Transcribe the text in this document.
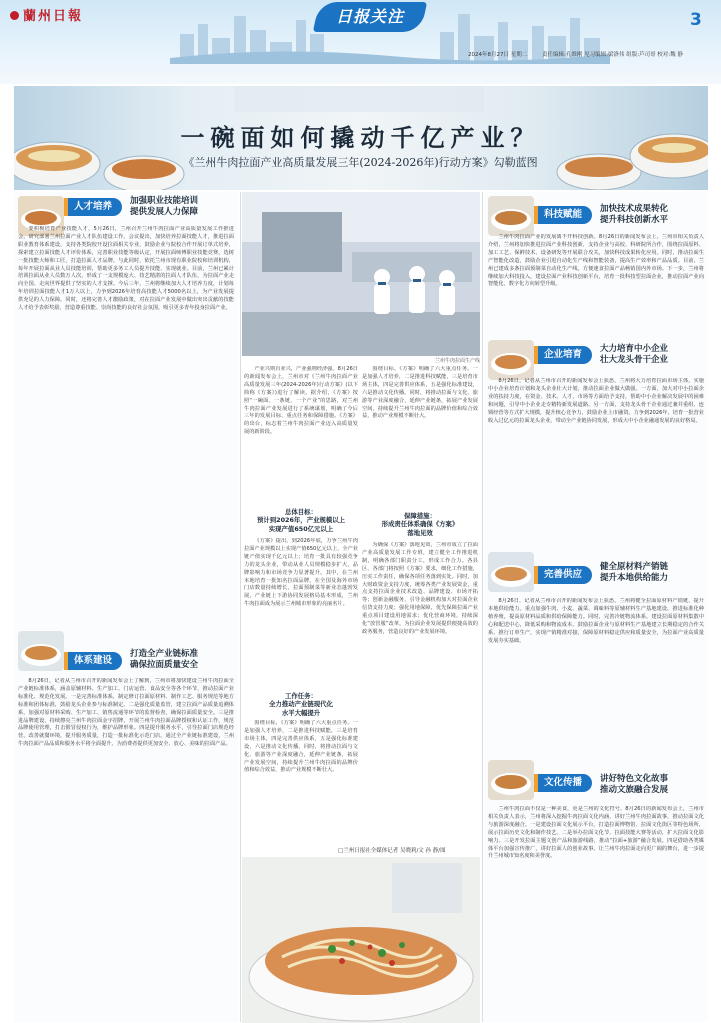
蘭州日報	日报关注	3
2024年8月27日 星期二	责任编辑:孔维刚 见习编辑:梁洛伟 组版:芦司哥 校对:魏 静
一碗面如何撬动千亿产业？
《兰州牛肉拉面产业高质量发展三年(2024-2026年)行动方案》勾勒蓝图
人才培养	加强职业技能培训
提供发展人力保障

要积极培育产业技能人才，5月26日，兰州召开兰州牛肉拉面产业高质量发展工作推进会，研究部署兰州拉面产业人才队伍建设工作。会议提出，加快培养拉面技能人才，推进拉面职业教育体系建设，支持各类院校开设拉面相关专业，鼓励企业与院校合作开展订单式培养，探索建立拉面技能人才评价体系，完善职业技能等级认定，开展拉面师傅职业技能竞赛，选树一批技能大师和工匠，打造拉面人才品牌。与此同时，依托兰州市现有职业院校和培训机构，每年开展拉面从业人员技能培训，帮助更多务工人员提升技能、实现就业。目前，兰州已累计培训拉面从业人员数万人次，形成了一支规模庞大、技艺精湛的拉面人才队伍，为拉面产业走向全国、走向世界提供了坚实的人才支撑。今后三年，兰州将继续加大人才培养力度，计划每年培训拉面技能人才1万人以上，力争到2026年培育高技能人才5000名以上，为产业发展提供充足的人力保障。同时，还将完善人才激励政策，对在拉面产业发展中做出突出贡献的技能人才给予表彰奖励，营造尊重技能、崇尚技能的良好社会氛围，吸引更多青年投身拉面产业。

体系建设
打造全产业链标准
确保拉面质量安全

8月26日，记者从兰州市召开的新闻发布会上了解到，兰州市将加快建设兰州牛肉拉面全产业链标准体系，涵盖原辅材料、生产加工、门店运营、食品安全等各个环节，推动拉面产业标准化、规范化发展。一是完善标准体系，制定修订拉面原材料、制作工艺、服务规范等地方标准和团体标准，鼓励龙头企业参与标准制定。二是强化质量监管，建立拉面产品质量追溯体系，加强对原材料采购、生产加工、销售流通等环节的监督检查，确保拉面质量安全。三是推进品牌建设，持续擦亮兰州牛肉拉面金字招牌，开展兰州牛肉拉面品牌授权和认证工作，规范品牌使用管理，打击假冒侵权行为，维护品牌形象。四是提升服务水平，引导拉面门店规范经营，改善就餐环境，提升服务质量，打造一批标准化示范门店。通过全产业链标准建设，兰州牛肉拉面产品品质和服务水平将全面提升，为消费者提供更加安全、放心、美味的拉面产品。

兰州牛肉拉面生产线

产业兴则百业兴，产业强则经济强。8月26日的新闻发布会上，兰州市对《兰州牛肉拉面产业高质量发展三年(2024-2026年)行动方案》(以下简称《方案》)进行了解读。据介绍，《方案》按照“一碗面、一条链、一个产业”的思路，对兰州牛肉拉面产业发展进行了系统谋划，明确了今后三年的发展目标、重点任务和保障措施。《方案》的出台，标志着兰州牛肉拉面产业迈入高质量发展的新阶段。

总体目标：
预计到2026年，产业规模以上
实现产值650亿元以上

《方案》提出，到2026年底，力争兰州牛肉拉面产业规模以上实现产值650亿元以上，全产业链产值实现千亿元以上；培育一批具有较强竞争力的龙头企业，带动从业人员规模稳步扩大，品牌影响力和市场竞争力显著提升。其中，在兰州本地培育一批知名拉面品牌，在全国及海外市场门店数量持续增长，拉面预制菜等新业态蓬勃发展，产业链上下游协同发展格局基本形成，兰州牛肉拉面成为展示兰州城市形象的亮丽名片。

工作任务：
全力推动产业链现代化
水平大幅提升

围绕目标，《方案》明确了六大重点任务。一是加强人才培养，二是推进科技赋能，三是培育市场主体，四是完善供应体系，五是强化标准建设，六是推动文化传播。同时，将推动拉面与文化、旅游等产业深度融合，延伸产业链条，拓展产业发展空间，持续提升兰州牛肉拉面的品牌价值和综合效益，推动产业规模不断壮大。

保障措施：
形成责任体系确保《方案》
落地见效

围绕目标，《方案》明确了六大重点任务。一是加强人才培养，二是推进科技赋能，三是培育市场主体，四是完善供应体系，五是强化标准建设，六是推动文化传播。同时，将推动拉面与文化、旅游等产业深度融合，延伸产业链条，拓展产业发展空间，持续提升兰州牛肉拉面的品牌价值和综合效益，推动产业规模不断壮大。

为确保《方案》落地见效，兰州市成立了拉面产业高质量发展工作专班，建立健全工作推进机制，明确各部门职责分工，形成工作合力。各县区、各部门将按照《方案》要求，细化工作措施，压实工作责任，确保各项任务落到实处。同时，加大财政资金支持力度，统筹各类产业发展资金，重点支持拉面企业技术改造、品牌建设、市场开拓等；创新金融服务，引导金融机构加大对拉面企业信贷支持力度；强化用地保障，优先保障拉面产业重点项目建设用地需求；优化营商环境，持续深化“放管服”改革，为拉面企业发展提供便捷高效的政务服务，营造良好的产业发展环境。

□兰州日报社全媒体记者 吴晓莉/文 孙 静/图
科技赋能	加快技术成果转化
提升科技创新水平

兰州牛肉拉面产业的发展离不开科技创新。8月26日的新闻发布会上，兰州市相关负责人介绍，兰州将加快推进拉面产业科技创新，支持企业与高校、科研院所合作，围绕拉面原料、加工工艺、保鲜技术、设备研发等开展联合攻关，加快科技成果转化应用。同时，推动拉面生产智能化改造，鼓励企业引进自动化生产线和智能装备，提高生产效率和产品品质。目前，兰州已建成多条拉面预制菜自动化生产线，方便速食拉面产品畅销国内外市场。下一步，兰州将继续加大科技投入，建设拉面产业科技创新平台，培育一批科技型拉面企业，推动拉面产业向智能化、数字化方向转型升级。

企业培育	大力培育中小企业
壮大龙头骨干企业

8月26日，记者从兰州市召开的新闻发布会上获悉，兰州将大力培育拉面市场主体，实施中小企业培育计划和龙头企业壮大计划，推动拉面企业做大做强。一方面，加大对中小拉面企业的扶持力度，在资金、技术、人才、市场等方面给予支持，帮助中小企业解决发展中的困难和问题，引导中小企业走专精特新发展道路。另一方面，支持龙头骨干企业通过兼并重组、连锁经营等方式扩大规模，提升核心竞争力，鼓励企业上市融资。力争到2026年，培育一批营业收入过亿元的拉面龙头企业，带动全产业链协同发展，形成大中小企业融通发展的良好格局。

完善供应
健全原材料产销链
提升本地供给能力

8月26日，记者从兰州市召开的新闻发布会上获悉，兰州将健全拉面原材料产销链，提升本地供给能力。重点加强牛肉、小麦、蔬菜、调味料等原辅材料生产基地建设，推进标准化种植养殖，提高原材料品质和供给保障能力。同时，完善冷链物流体系，建设拉面原材料集散中心和配送中心，降低采购和物流成本。鼓励拉面企业与原材料生产基地建立长期稳定的合作关系，推行订单生产，实现产销精准对接，保障原材料稳定供应和质量安全，为拉面产业高质量发展夯实基础。

文化传播	讲好特色文化故事
推动文旅融合发展

兰州牛肉拉面不仅是一种美食，更是兰州的文化符号。8月26日的新闻发布会上，兰州市相关负责人表示，兰州将深入挖掘牛肉拉面文化内涵，讲好兰州牛肉拉面故事，推动拉面文化与旅游深度融合。一是建设拉面文化展示平台，打造拉面博物馆、拉面文化街区等特色场所，展示拉面历史文化和制作技艺。二是举办拉面文化节、拉面技能大赛等活动，扩大拉面文化影响力。三是开发拉面主题文创产品和旅游线路，推动“拉面+旅游”融合发展。四是借助各类媒体平台加强宣传推广，讲好拉面人的创业故事，让兰州牛肉拉面走向更广阔的舞台，进一步提升兰州城市知名度和美誉度。
